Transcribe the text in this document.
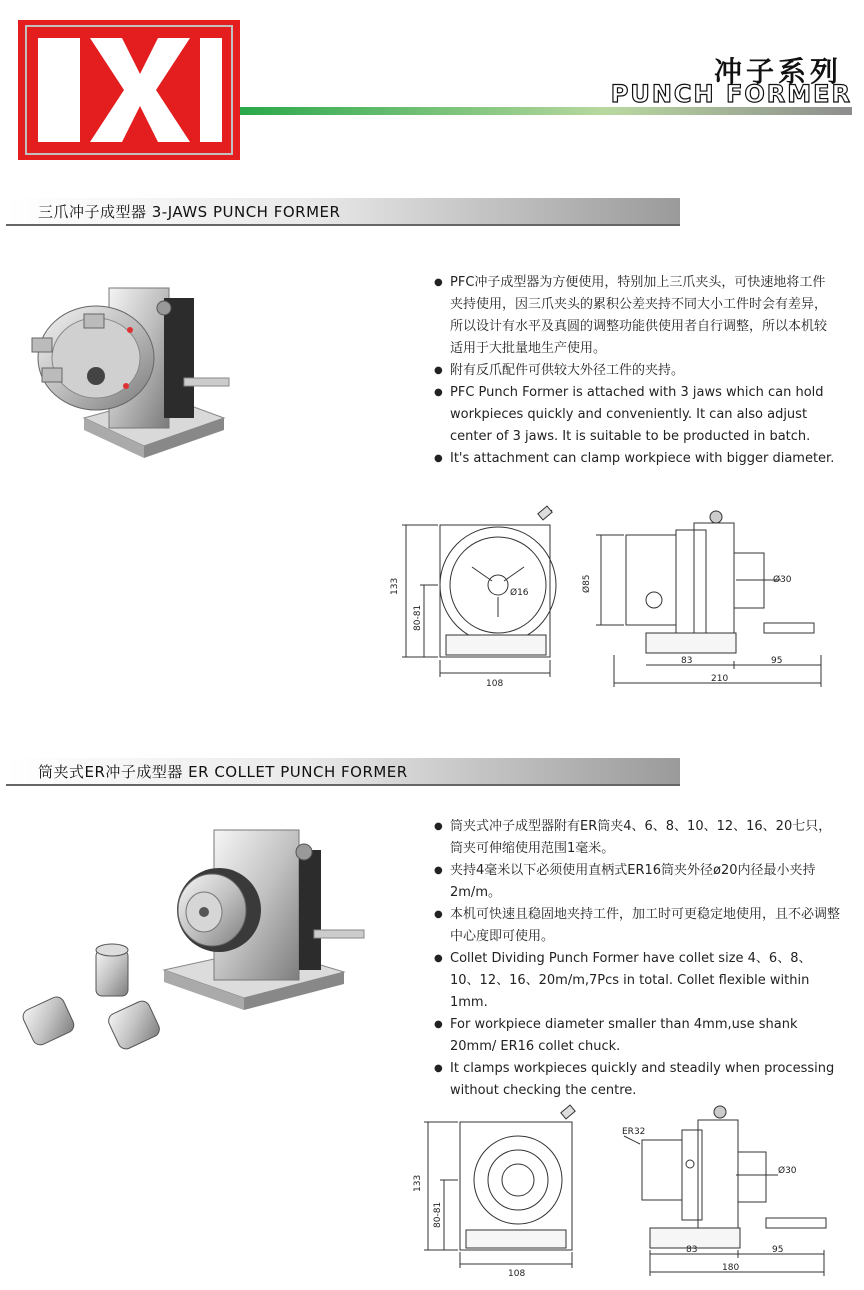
冲子系列
PUNCH FORMER
三爪冲子成型器 3-JAWS PUNCH FORMER
● PFC冲子成型器为方便使用，特别加上三爪夹头，可快速地将工件夹持使用，因三爪夹头的累积公差夹持不同大小工件时会有差异，所以设计有水平及真圆的调整功能供使用者自行调整，所以本机较适用于大批量地生产使用。
● 附有反爪配件可供较大外径工件的夹持。
● PFC Punch Former is attached with 3 jaws which can hold workpieces quickly and conveniently. It can also adjust center of 3 jaws. It is suitable to be producted in batch.
● It's attachment can clamp workpiece with bigger diameter.
133
80-81
Ø16
108
Ø85	Ø30
83	95
210
筒夹式ER冲子成型器 ER COLLET PUNCH FORMER
● 筒夹式冲子成型器附有ER筒夹4、6、8、10、12、16、20七只，筒夹可伸缩使用范围1毫米。
● 夹持4毫米以下必须使用直柄式ER16筒夹外径ø20内径最小夹持2m/m。
● 本机可快速且稳固地夹持工件，加工时可更稳定地使用，且不必调整中心度即可使用。
● Collet Dividing Punch Former have collet size 4、6、8、10、12、16、20m/m,7Pcs in total. Collet flexible within 1mm.
● For workpiece diameter smaller than 4mm,use shank 20mm/ ER16 collet chuck.
● It clamps workpieces quickly and steadily when processing without checking the centre.
133
80-81
108
ER32
Ø30
83	95
180
